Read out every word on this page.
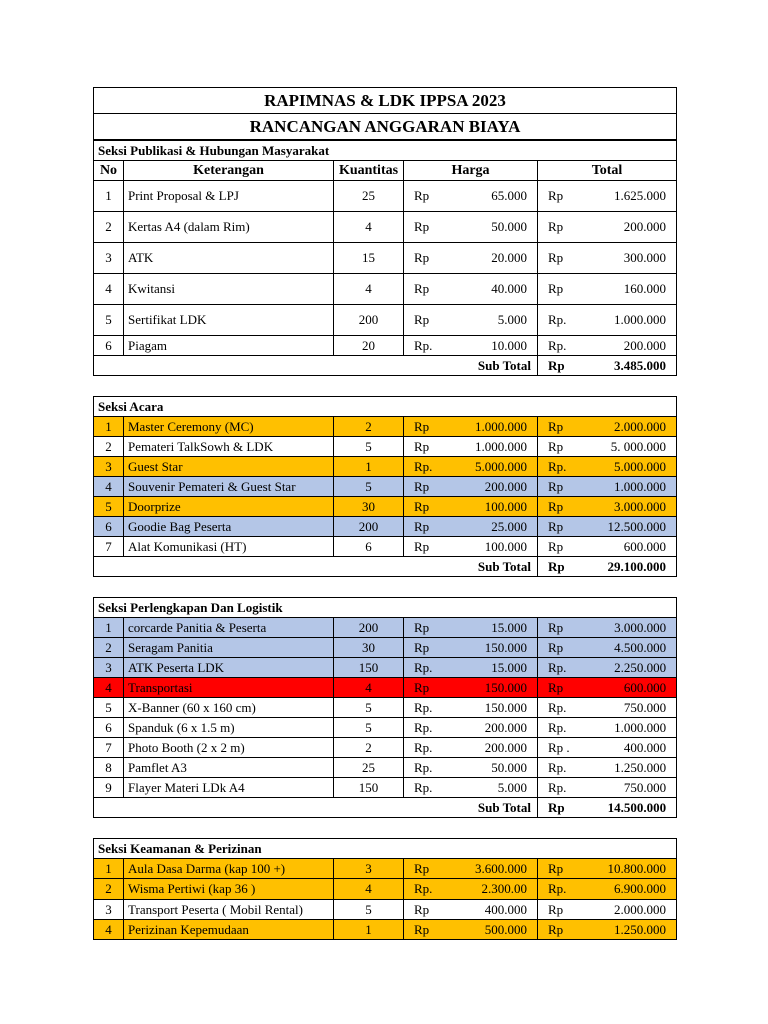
RAPIMNAS & LDK IPPSA 2023
RANCANGAN ANGGARAN BIAYA
Seksi Publikasi & Hubungan Masyarakat						
No	Keterangan	Kuantitas	Harga		Total	
1	Print Proposal & LPJ	25	Rp	65.000	Rp	1.625.000
2	Kertas A4 (dalam Rim)	4	Rp	50.000	Rp	200.000
3	ATK	15	Rp	20.000	Rp	300.000
4	Kwitansi	4	Rp	40.000	Rp	160.000
5	Sertifikat LDK	200	Rp	5.000	Rp.	1.000.000
6	Piagam	20	Rp.	10.000	Rp.	200.000
Sub Total					Rp	3.485.000
Seksi Acara						
1	Master Ceremony (MC)	2	Rp	1.000.000	Rp	2.000.000
2	Pemateri TalkSowh & LDK	5	Rp	1.000.000	Rp	5. 000.000
3	Guest Star	1	Rp.	5.000.000	Rp.	5.000.000
4	Souvenir Pemateri & Guest Star	5	Rp	200.000	Rp	1.000.000
5	Doorprize	30	Rp	100.000	Rp	3.000.000
6	Goodie Bag Peserta	200	Rp	25.000	Rp	12.500.000
7	Alat Komunikasi (HT)	6	Rp	100.000	Rp	600.000
Sub Total					Rp	29.100.000
Seksi Perlengkapan Dan Logistik						
1	corcarde Panitia & Peserta	200	Rp	15.000	Rp	3.000.000
2	Seragam Panitia	30	Rp	150.000	Rp	4.500.000
3	ATK Peserta LDK	150	Rp.	15.000	Rp.	2.250.000
4	Transportasi	4	Rp	150.000	Rp	600.000
5	X-Banner (60 x 160 cm)	5	Rp.	150.000	Rp.	750.000
6	Spanduk (6 x 1.5 m)	5	Rp.	200.000	Rp.	1.000.000
7	Photo Booth (2 x 2 m)	2	Rp.	200.000	Rp .	400.000
8	Pamflet A3	25	Rp.	50.000	Rp.	1.250.000
9	Flayer Materi LDk A4	150	Rp.	5.000	Rp.	750.000
Sub Total					Rp	14.500.000
Seksi Keamanan & Perizinan						
1	Aula Dasa Darma (kap 100 +)	3	Rp	3.600.000	Rp	10.800.000
2	Wisma Pertiwi (kap 36 )	4	Rp.	2.300.00	Rp.	6.900.000
3	Transport Peserta ( Mobil Rental)	5	Rp	400.000	Rp	2.000.000
4	Perizinan Kepemudaan	1	Rp	500.000	Rp	1.250.000
